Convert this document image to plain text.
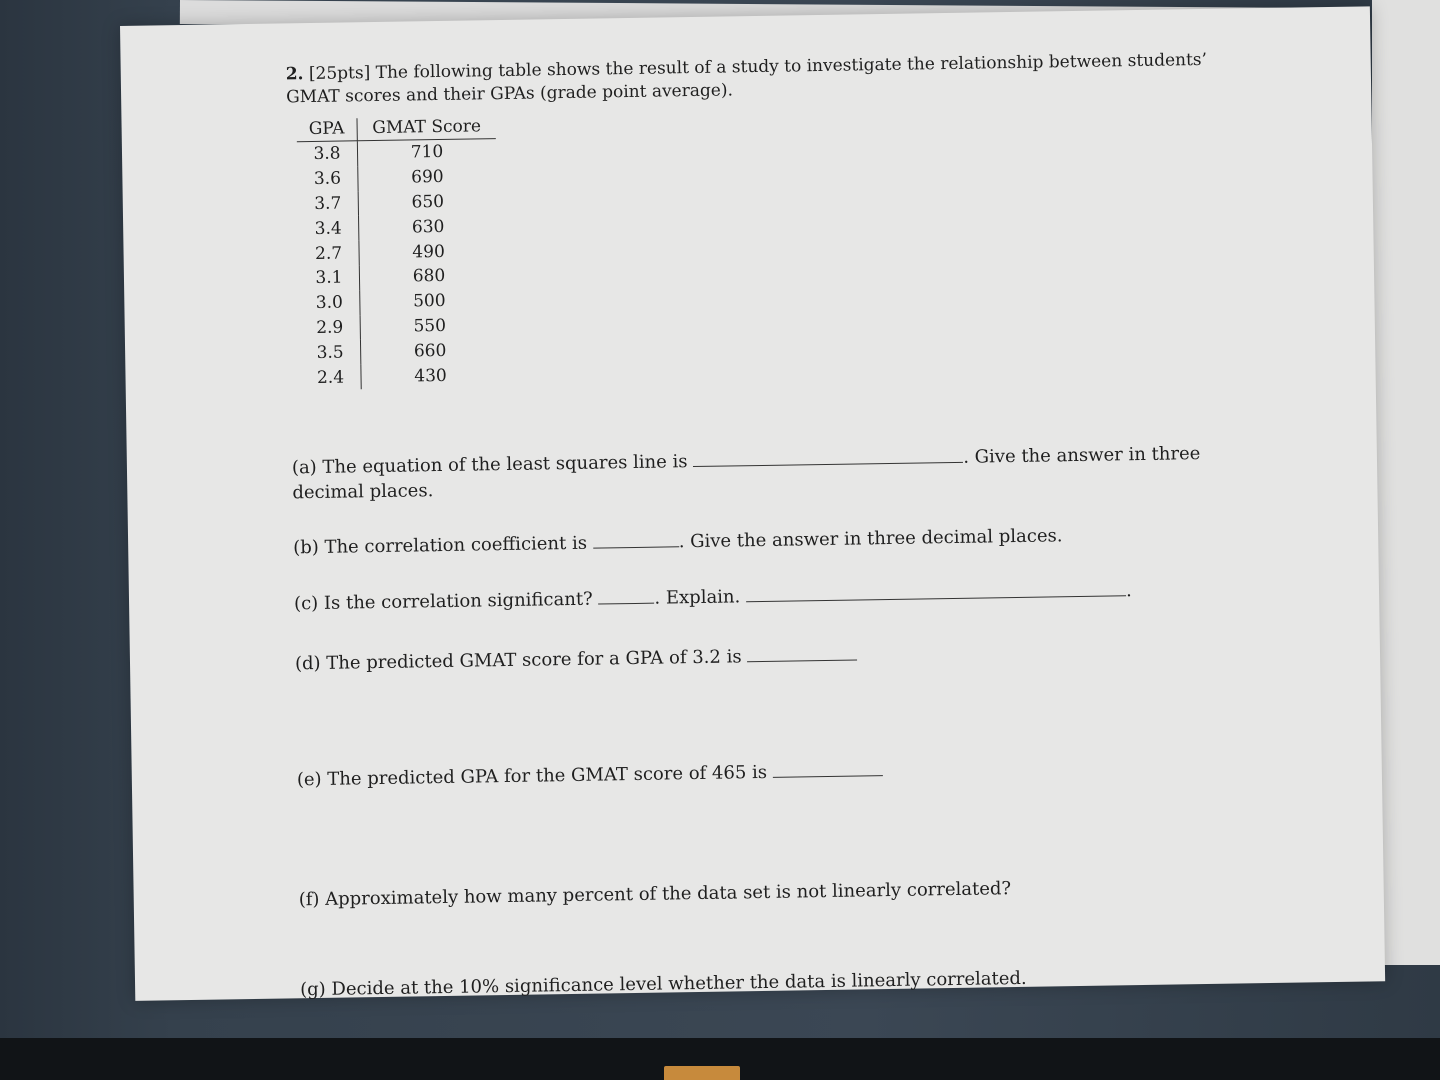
2. [25pts] The following table shows the result of a study to investigate the relationship between students’ GMAT scores and their GPAs (grade point average).

GPA	GMAT Score
3.8	710
3.6	690
3.7	650
3.4	630
2.7	490
3.1	680
3.0	500
2.9	550
3.5	660
2.4	430
(a) The equation of the least squares line is	. Give the answer in three decimal places.
(b) The correlation coefficient is	. Give the answer in three decimal places.
(c) Is the correlation significant?	. Explain.	.
(d) The predicted GMAT score for a GPA of 3.2 is
(e) The predicted GPA for the GMAT score of 465 is
(f) Approximately how many percent of the data set is not linearly correlated?
(g) Decide at the 10% significance level whether the data is linearly correlated.
